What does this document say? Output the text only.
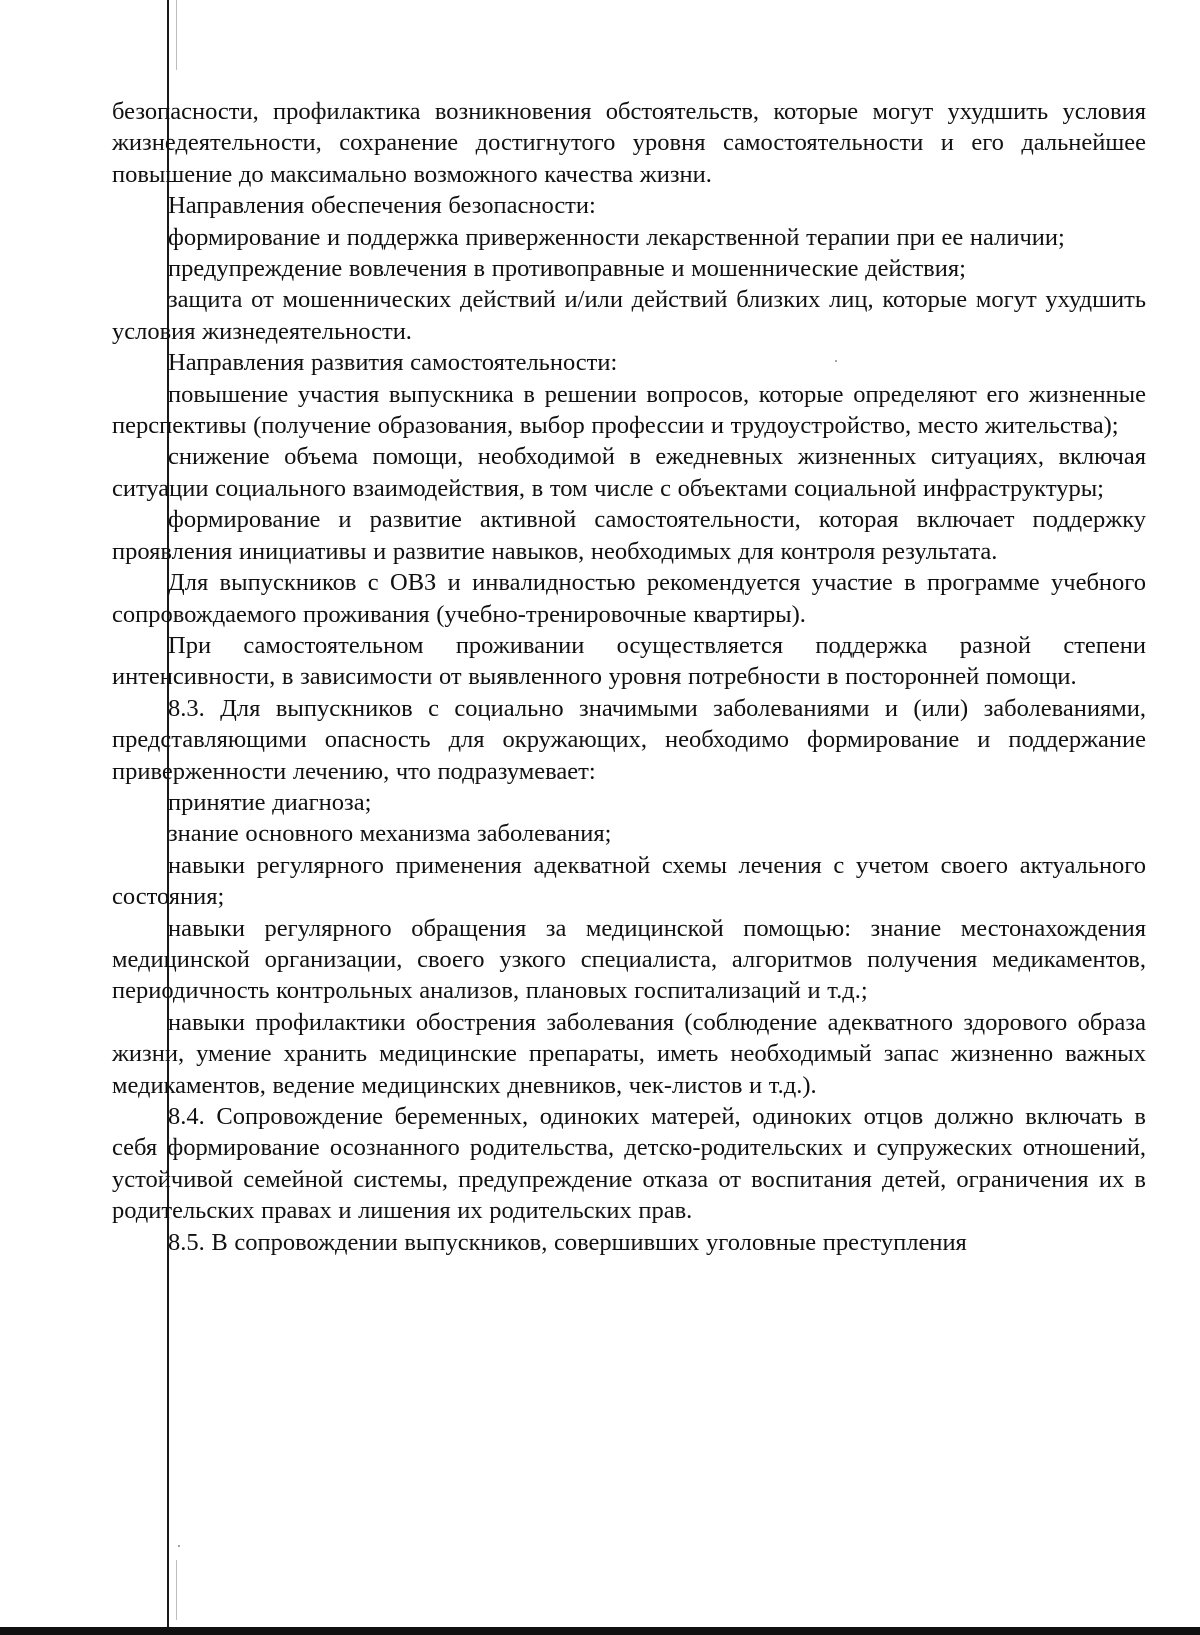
безопасности, профилактика возникновения обстоятельств, которые могут ухудшить условия жизнедеятельности, сохранение достигнутого уровня самостоятельности и его дальнейшее повышение до максимально возможного качества жизни.

Направления обеспечения безопасности:

формирование и поддержка приверженности лекарственной терапии при ее наличии;

предупреждение вовлечения в противоправные и мошеннические действия;

защита от мошеннических действий и/или действий близких лиц, которые могут ухудшить условия жизнедеятельности.

Направления развития самостоятельности:

повышение участия выпускника в решении вопросов, которые определяют его жизненные перспективы (получение образования, выбор профессии и трудоустройство, место жительства);

снижение объема помощи, необходимой в ежедневных жизненных ситуациях, включая ситуации социального взаимодействия, в том числе с объектами социальной инфраструктуры;

формирование и развитие активной самостоятельности, которая включает поддержку проявления инициативы и развитие навыков, необходимых для контроля результата.

Для выпускников с ОВЗ и инвалидностью рекомендуется участие в программе учебного сопровождаемого проживания (учебно-тренировочные квартиры).

При самостоятельном проживании осуществляется поддержка разной степени интенсивности, в зависимости от выявленного уровня потребности в посторонней помощи.

8.3. Для выпускников с социально значимыми заболеваниями и (или) заболеваниями, представляющими опасность для окружающих, необходимо формирование и поддержание приверженности лечению, что подразумевает:

принятие диагноза;

знание основного механизма заболевания;

навыки регулярного применения адекватной схемы лечения с учетом своего актуального состояния;

навыки регулярного обращения за медицинской помощью: знание местонахождения медицинской организации, своего узкого специалиста, алгоритмов получения медикаментов, периодичность контрольных анализов, плановых госпитализаций и т.д.;

навыки профилактики обострения заболевания (соблюдение адекватного здорового образа жизни, умение хранить медицинские препараты, иметь необходимый запас жизненно важных медикаментов, ведение медицинских дневников, чек-листов и т.д.).

8.4. Сопровождение беременных, одиноких матерей, одиноких отцов должно включать в себя формирование осознанного родительства, детско-родительских и супружеских отношений, устойчивой семейной системы, предупреждение отказа от воспитания детей, ограничения их в родительских правах и лишения их родительских прав.

8.5. В сопровождении выпускников, совершивших уголовные преступления
